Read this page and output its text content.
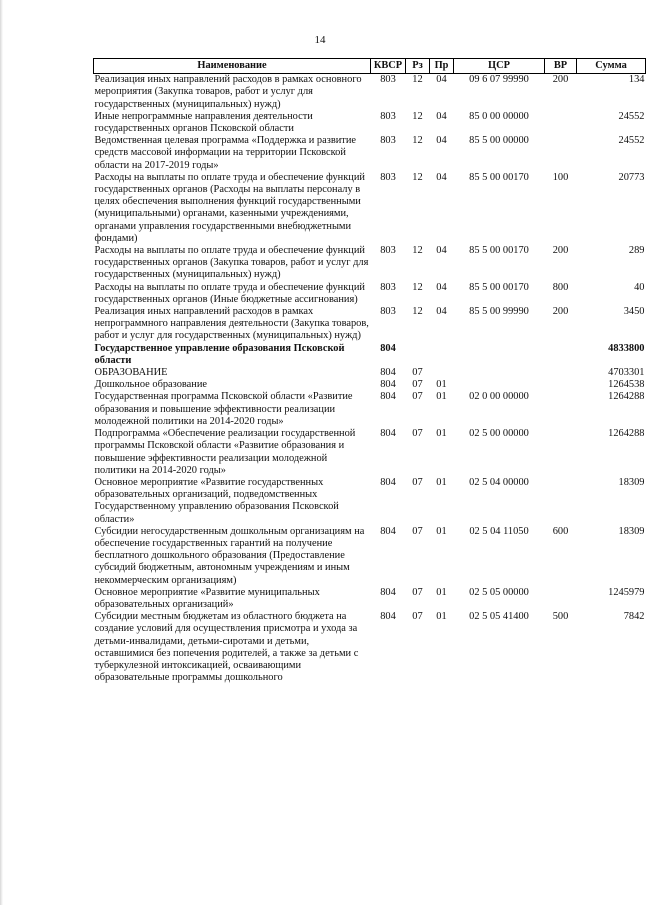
14
Наименование	КВСР	Рз	Пр	ЦСР	ВР	Сумма
Реализация иных направлений расходов в рамках основного мероприятия (Закупка товаров, работ и услуг для государственных (муниципальных) нужд)	803	12	04	09 6 07 99990	200	134
Иные непрограммные направления деятельности государственных органов Псковской области	803	12	04	85 0 00 00000		24552
Ведомственная целевая программа «Поддержка и развитие средств массовой информации на территории Псковской области на 2017-2019 годы»	803	12	04	85 5 00 00000		24552
Расходы на выплаты по оплате труда и обеспечение функций государственных органов (Расходы на выплаты персоналу в целях обеспечения выполнения функций государственными (муниципальными) органами, казенными учреждениями, органами управления государственными внебюджетными фондами)	803	12	04	85 5 00 00170	100	20773
Расходы на выплаты по оплате труда и обеспечение функций государственных органов (Закупка товаров, работ и услуг для государственных (муниципальных) нужд)	803	12	04	85 5 00 00170	200	289
Расходы на выплаты по оплате труда и обеспечение функций государственных органов (Иные бюджетные ассигнования)	803	12	04	85 5 00 00170	800	40
Реализация иных направлений расходов в рамках непрограммного направления деятельности (Закупка товаров, работ и услуг для государственных (муниципальных) нужд)	803	12	04	85 5 00 99990	200	3450
Государственное управление образования Псковской области	804					4833800
ОБРАЗОВАНИЕ	804	07				4703301
Дошкольное образование	804	07	01			1264538
Государственная программа Псковской области «Развитие образования и повышение эффективности реализации молодежной политики на 2014-2020 годы»	804	07	01	02 0 00 00000		1264288
Подпрограмма «Обеспечение реализации государственной программы Псковской области «Развитие образования и повышение эффективности реализации молодежной политики на 2014-2020 годы»	804	07	01	02 5 00 00000		1264288
Основное мероприятие «Развитие государственных образовательных организаций, подведомственных Государственному управлению образования Псковской области»	804	07	01	02 5 04 00000		18309
Субсидии негосударственным дошкольным организациям на обеспечение государственных гарантий на получение бесплатного дошкольного образования (Предоставление субсидий бюджетным, автономным учреждениям и иным некоммерческим организациям)	804	07	01	02 5 04 11050	600	18309
Основное мероприятие «Развитие муниципальных образовательных организаций»	804	07	01	02 5 05 00000		1245979
Субсидии местным бюджетам из областного бюджета на создание условий для осуществления присмотра и ухода за детьми-инвалидами, детьми-сиротами и детьми, оставшимися без попечения родителей, а также за детьми с туберкулезной интоксикацией, осваивающими образовательные программы дошкольного	804	07	01	02 5 05 41400	500	7842
